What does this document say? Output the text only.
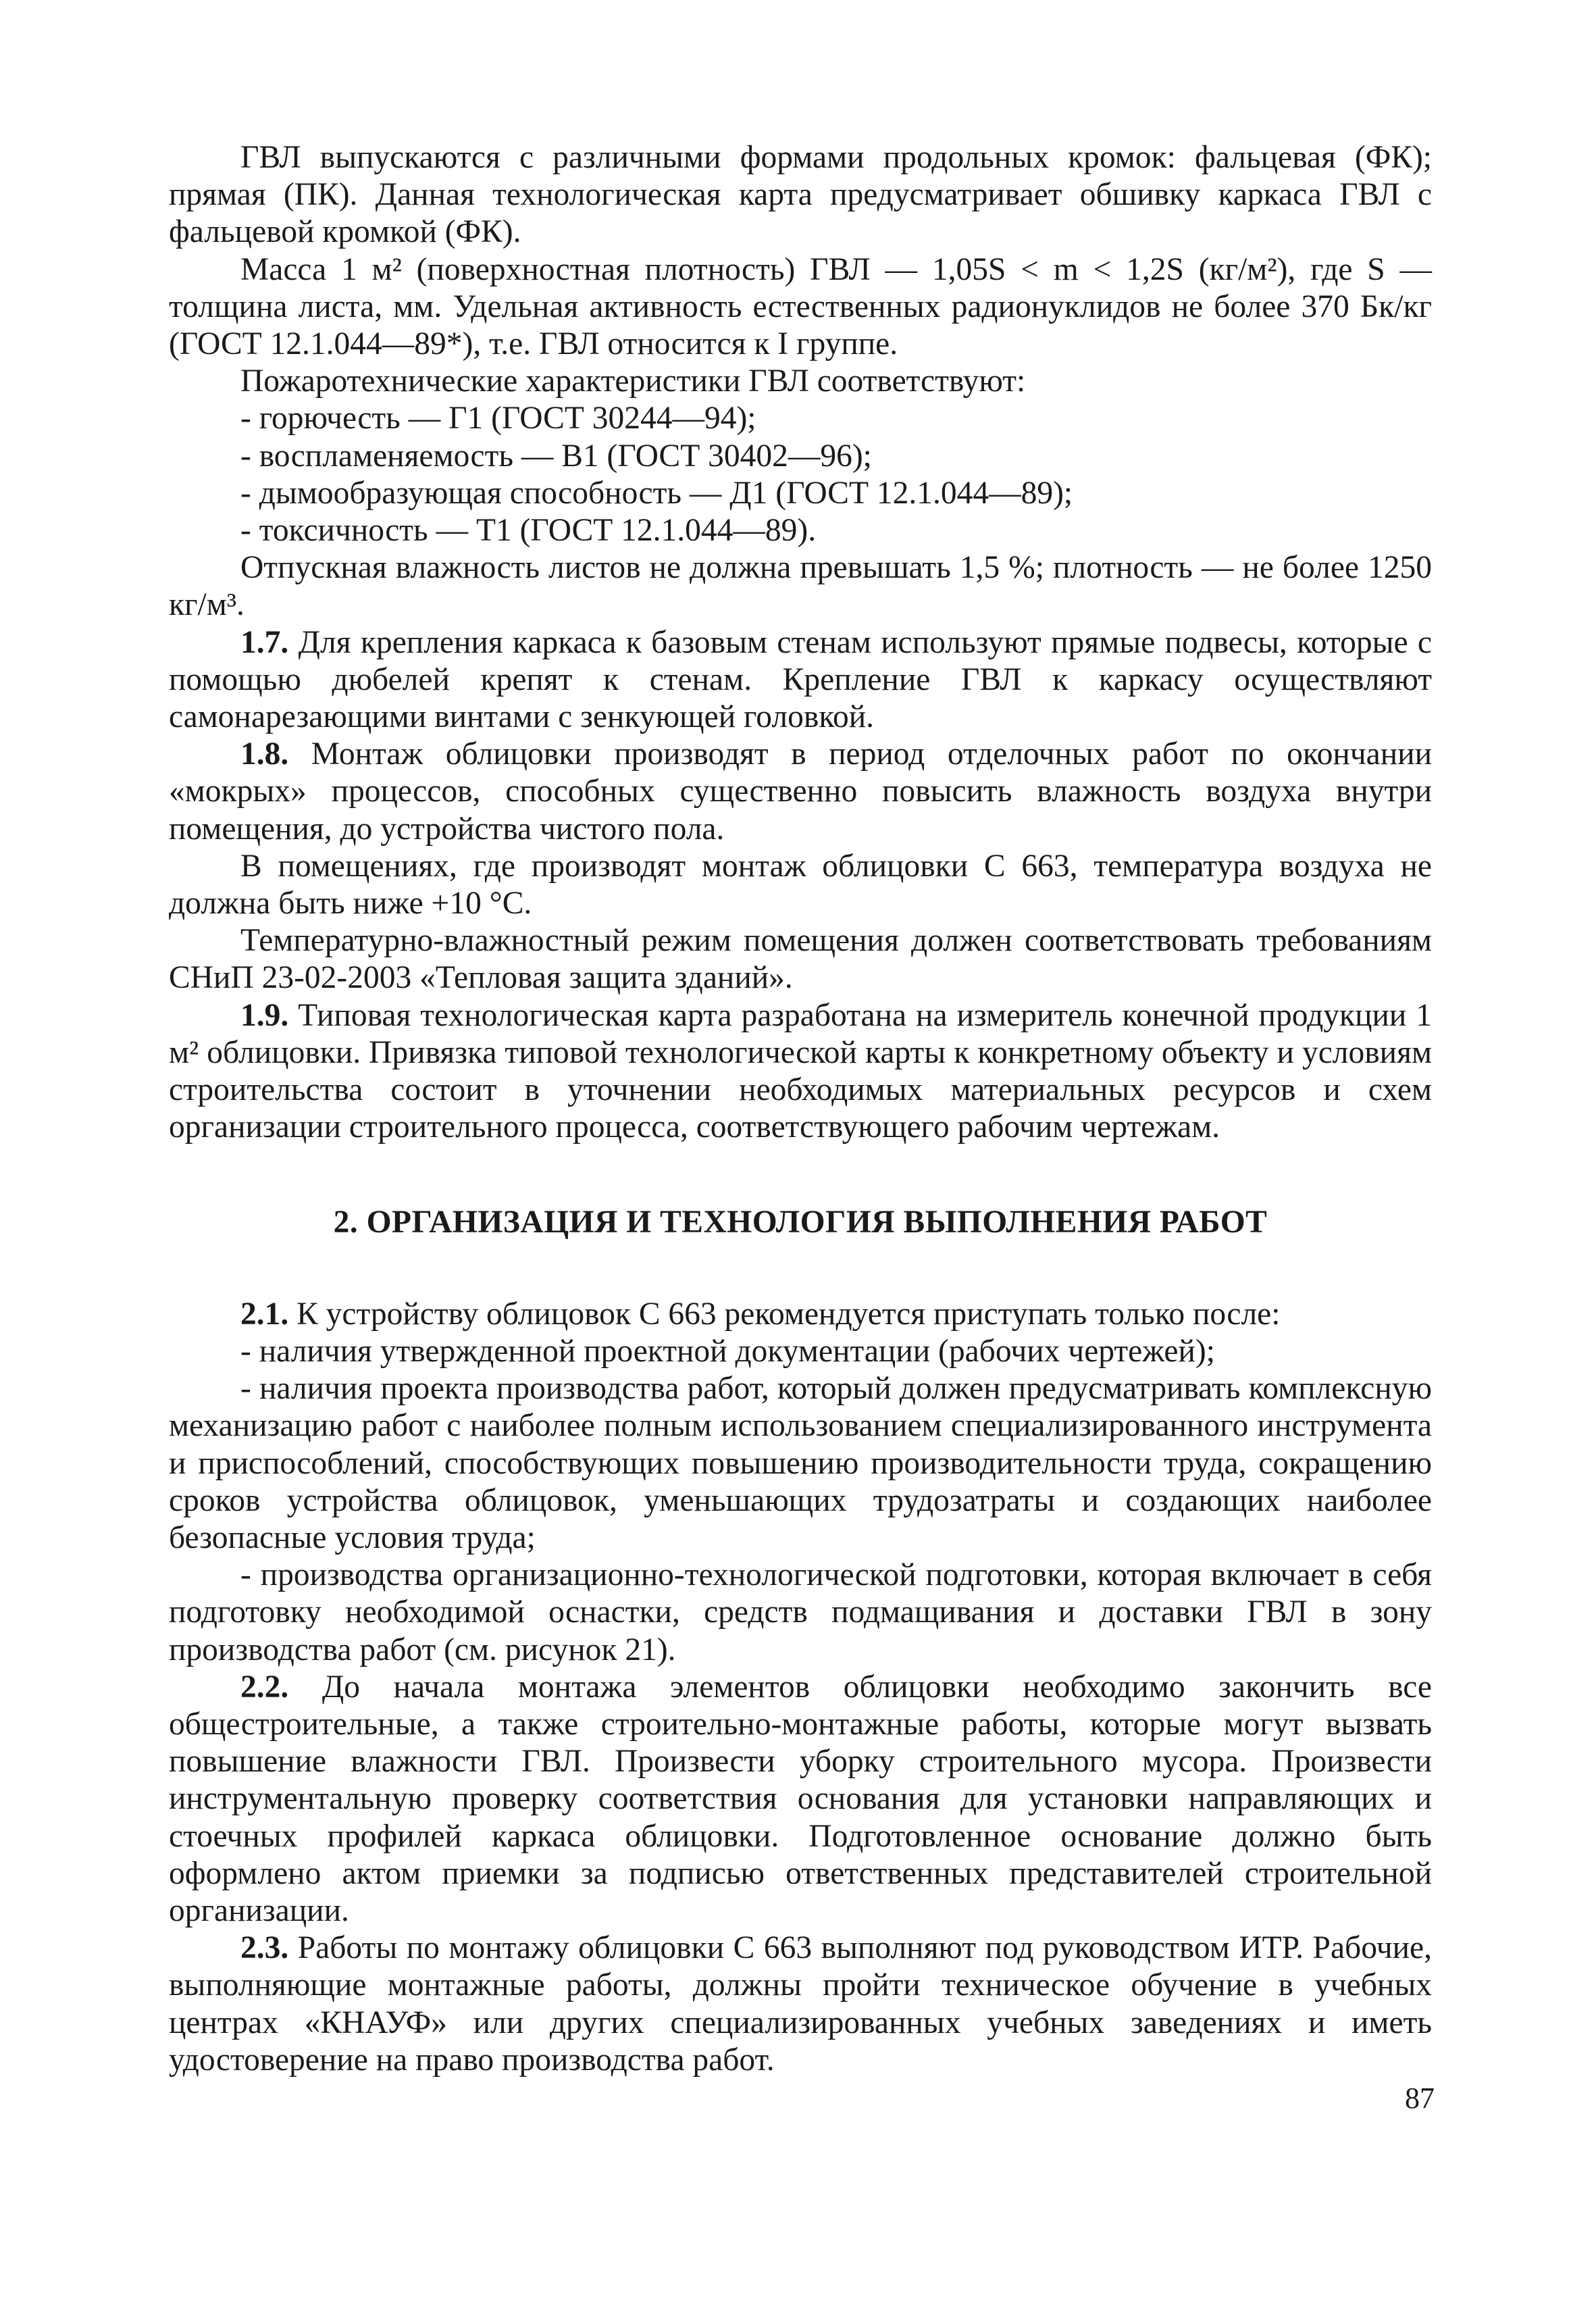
ГВЛ выпускаются с различными формами продольных кромок: фальцевая (ФК); прямая (ПК). Данная технологическая карта предусматривает обшивку каркаса ГВЛ с фальцевой кромкой (ФК).

Масса 1 м² (поверхностная плотность) ГВЛ — 1,05S < m < 1,2S (кг/м²), где S — толщина листа, мм. Удельная активность естественных радионуклидов не более 370 Бк/кг (ГОСТ 12.1.044—89*), т.е. ГВЛ относится к I группе.

Пожаротехнические характеристики ГВЛ соответствуют:

- горючесть — Г1 (ГОСТ 30244—94);

- воспламеняемость — В1 (ГОСТ 30402—96);

- дымообразующая способность — Д1 (ГОСТ 12.1.044—89);

- токсичность — Т1 (ГОСТ 12.1.044—89).

Отпускная влажность листов не должна превышать 1,5 %; плотность — не более 1250 кг/м³.

1.7. Для крепления каркаса к базовым стенам используют прямые подвесы, которые с помощью дюбелей крепят к стенам. Крепление ГВЛ к каркасу осуществляют самонарезающими винтами с зенкующей головкой.

1.8. Монтаж облицовки производят в период отделочных работ по окончании «мокрых» процессов, способных существенно повысить влажность воздуха внутри помещения, до устройства чистого пола.

В помещениях, где производят монтаж облицовки С 663, температура воздуха не должна быть ниже +10 °С.

Температурно-влажностный режим помещения должен соответствовать требованиям СНиП 23-02-2003 «Тепловая защита зданий».

1.9. Типовая технологическая карта разработана на измеритель конечной продукции 1 м² облицовки. Привязка типовой технологической карты к конкретному объекту и условиям строительства состоит в уточнении необходимых материальных ресурсов и схем организации строительного процесса, соответствующего рабочим чертежам.

2. ОРГАНИЗАЦИЯ И ТЕХНОЛОГИЯ ВЫПОЛНЕНИЯ РАБОТ

2.1. К устройству облицовок С 663 рекомендуется приступать только после:

- наличия утвержденной проектной документации (рабочих чертежей);

- наличия проекта производства работ, который должен предусматривать комплексную механизацию работ с наиболее полным использованием специализированного инструмента и приспособлений, способствующих повышению производительности труда, сокращению сроков устройства облицовок, уменьшающих трудозатраты и создающих наиболее безопасные условия труда;

- производства организационно-технологической подготовки, которая включает в себя подготовку необходимой оснастки, средств подмащивания и доставки ГВЛ в зону производства работ (см. рисунок 21).

2.2. До начала монтажа элементов облицовки необходимо закончить все общестроительные, а также строительно-монтажные работы, которые могут вызвать повышение влажности ГВЛ. Произвести уборку строительного мусора. Произвести инструментальную проверку соответствия основания для установки направляющих и стоечных профилей каркаса облицовки. Подготовленное основание должно быть оформлено актом приемки за подписью ответственных представителей строительной организации.

2.3. Работы по монтажу облицовки С 663 выполняют под руководством ИТР. Рабочие, выполняющие монтажные работы, должны пройти техническое обучение в учебных центрах «КНАУФ» или других специализированных учебных заведениях и иметь удостоверение на право производства работ.

87
